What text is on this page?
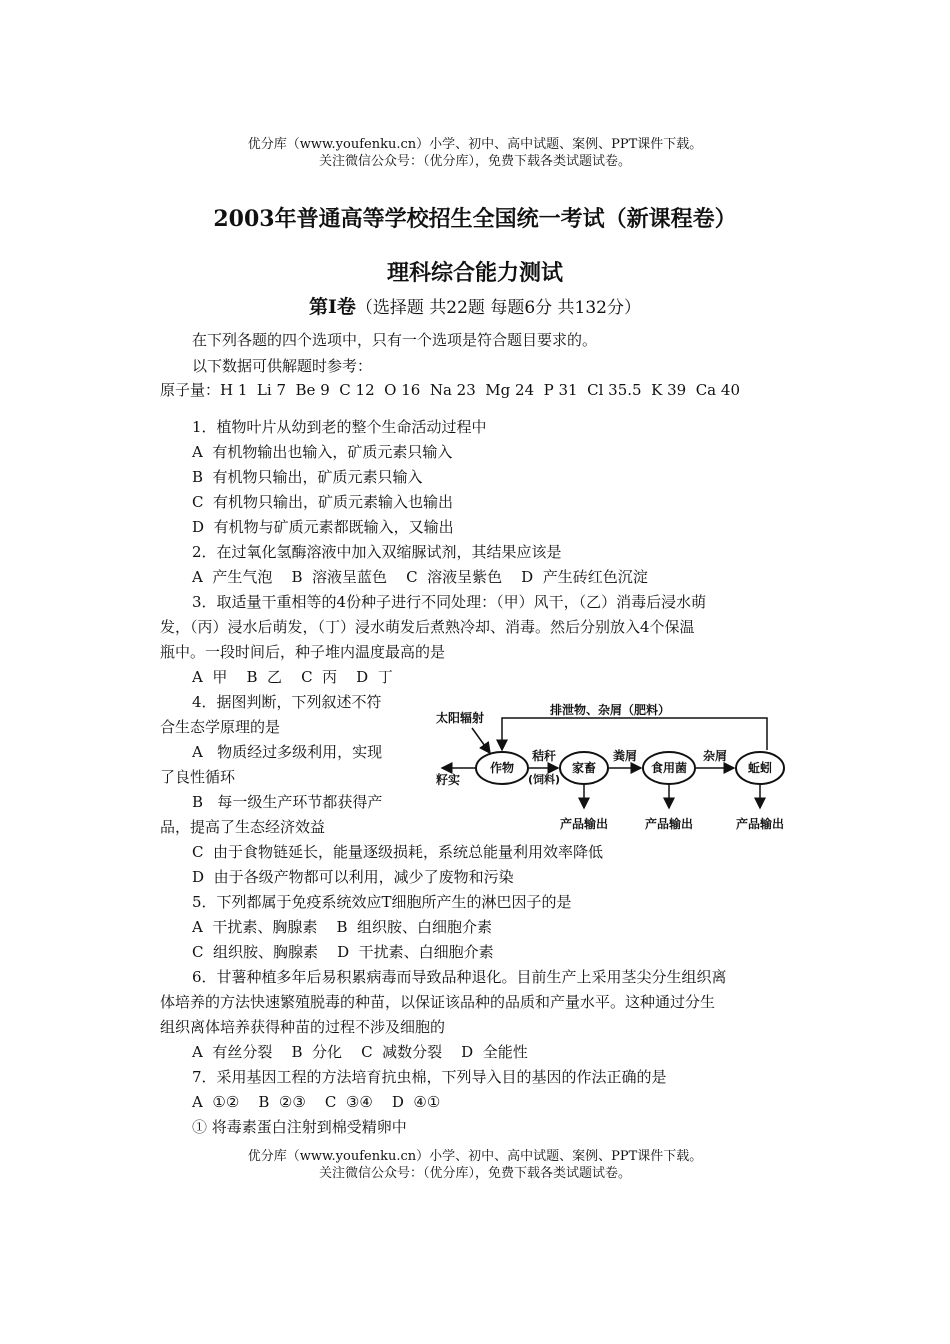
优分库（www.youfenku.cn）小学、初中、高中试题、案例、PPT课件下载。
关注微信公众号：（优分库），免费下载各类试题试卷。
2003年普通高等学校招生全国统一考试（新课程卷）
理科综合能力测试
第I卷（选择题 共22题 每题6分 共132分）
在下列各题的四个选项中，只有一个选项是符合题目要求的。
以下数据可供解题时参考：
原子量：H 1  Li 7  Be 9  C 12  O 16  Na 23  Mg 24  P 31  Cl 35.5  K 39  Ca 40
1．植物叶片从幼到老的整个生命活动过程中
A  有机物输出也输入，矿质元素只输入
B  有机物只输出，矿质元素只输入
C  有机物只输出，矿质元素输入也输出
D  有机物与矿质元素都既输入，又输出
2．在过氧化氢酶溶液中加入双缩脲试剂，其结果应该是
A  产生气泡    B  溶液呈蓝色    C  溶液呈紫色    D  产生砖红色沉淀
3．取适量干重相等的4份种子进行不同处理：（甲）风干，（乙）消毒后浸水萌
发，（丙）浸水后萌发，（丁）浸水萌发后煮熟冷却、消毒。然后分别放入4个保温
瓶中。一段时间后，种子堆内温度最高的是
A  甲    B  乙    C  丙    D  丁
4．据图判断，下列叙述不符
合生态学原理的是
A   物质经过多级利用，实现
了良性循环
B   每一级生产环节都获得产
品，提高了生态经济效益
C  由于食物链延长，能量逐级损耗，系统总能量利用效率降低
D  由于各级产物都可以利用，减少了废物和污染
太阳辐射
排泄物、杂屑（肥料）
籽实
作物
秸秆
(饲料)
家畜
粪屑
食用菌
杂屑
蚯蚓
产品输出	产品输出	产品输出
5．下列都属于免疫系统效应T细胞所产生的淋巴因子的是
A  干扰素、胸腺素    B  组织胺、白细胞介素
C  组织胺、胸腺素    D  干扰素、白细胞介素
6．甘薯种植多年后易积累病毒而导致品种退化。目前生产上采用茎尖分生组织离
体培养的方法快速繁殖脱毒的种苗，以保证该品种的品质和产量水平。这种通过分生
组织离体培养获得种苗的过程不涉及细胞的
A  有丝分裂    B  分化    C  减数分裂    D  全能性
7．采用基因工程的方法培育抗虫棉，下列导入目的基因的作法正确的是
A  ①②    B  ②③    C  ③④    D  ④①
① 将毒素蛋白注射到棉受精卵中
优分库（www.youfenku.cn）小学、初中、高中试题、案例、PPT课件下载。
关注微信公众号：（优分库），免费下载各类试题试卷。
